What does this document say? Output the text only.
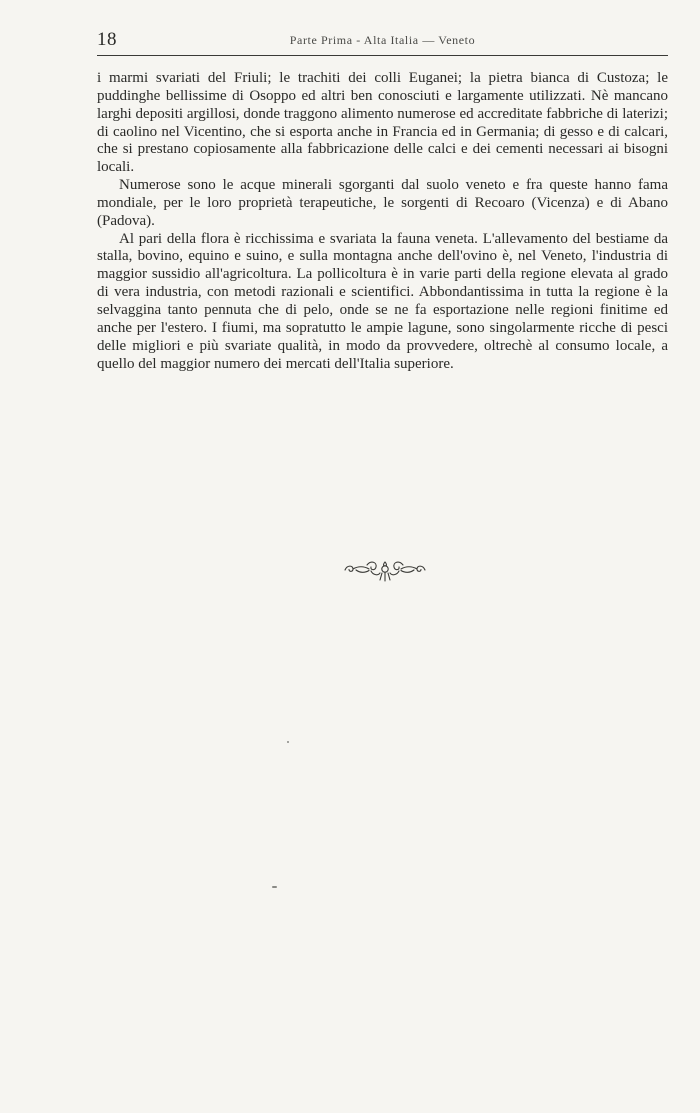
18	Parte Prima - Alta Italia — Veneto

i marmi svariati del Friuli; le trachiti dei colli Euganei; la pietra bianca di Custoza; le puddinghe bellissime di Osoppo ed altri ben conosciuti e largamente utilizzati. Nè mancano larghi depositi argillosi, donde traggono alimento numerose ed accreditate fabbriche di laterizi; di caolino nel Vicentino, che si esporta anche in Francia ed in Germania; di gesso e di calcari, che si prestano copiosamente alla fabbricazione delle calci e dei cementi necessari ai bisogni locali.

Numerose sono le acque minerali sgorganti dal suolo veneto e fra queste hanno fama mondiale, per le loro proprietà terapeutiche, le sorgenti di Recoaro (Vicenza) e di Abano (Padova).

Al pari della flora è ricchissima e svariata la fauna veneta. L'allevamento del bestiame da stalla, bovino, equino e suino, e sulla montagna anche dell'ovino è, nel Veneto, l'industria di maggior sussidio all'agricoltura. La pollicoltura è in varie parti della regione elevata al grado di vera industria, con metodi razionali e scientifici. Abbondantissima in tutta la regione è la selvaggina tanto pennuta che di pelo, onde se ne fa esportazione nelle regioni finitime ed anche per l'estero. I fiumi, ma sopratutto le ampie lagune, sono singolarmente ricche di pesci delle migliori e più svariate qualità, in modo da provvedere, oltrechè al consumo locale, a quello del maggior numero dei mercati dell'Italia superiore.
